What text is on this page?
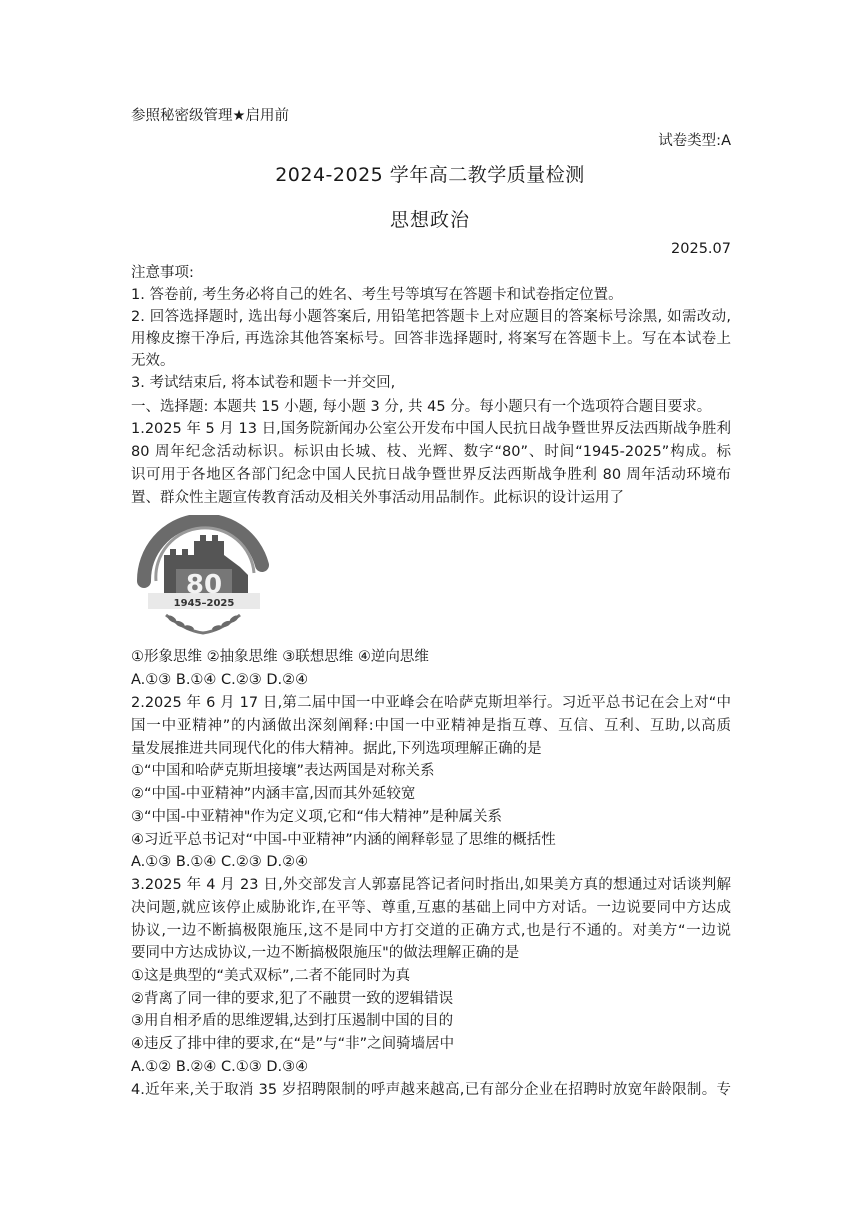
参照秘密级管理★启用前
试卷类型:A
2024-2025 学年高二教学质量检测
思想政治
2025.07
注意事项:
1. 答卷前, 考生务必将自己的姓名、考生号等填写在答题卡和试卷指定位置。
2. 回答选择题时, 选出每小题答案后, 用铅笔把答题卡上对应题目的答案标号涂黑, 如需改动,
用橡皮擦干净后, 再选涂其他答案标号。回答非选择题时, 将案写在答题卡上。写在本试卷上
无效。
3. 考试结束后, 将本试卷和题卡一并交回,
一、选择题: 本题共 15 小题, 每小题 3 分, 共 45 分。每小题只有一个选项符合题目要求。
1.2025 年 5 月 13 日,国务院新闻办公室公开发布中国人民抗日战争暨世界反法西斯战争胜利
80 周年纪念活动标识。标识由长城、枝、光辉、数字“80”、时间“1945-2025”构成。标
识可用于各地区各部门纪念中国人民抗日战争暨世界反法西斯战争胜利 80 周年活动环境布
置、群众性主题宣传教育活动及相关外事活动用品制作。此标识的设计运用了
80
1945–2025
①形象思维 ②抽象思维 ③联想思维 ④逆向思维
A.①③ B.①④ C.②③ D.②④
2.2025 年 6 月 17 日,第二届中国一中亚峰会在哈萨克斯坦举行。习近平总书记在会上对“中
国一中亚精神”的内涵做出深刻阐释:中国一中亚精神是指互尊、互信、互利、互助,以高质
量发展推进共同现代化的伟大精神。据此,下列选项理解正确的是
①“中国和哈萨克斯坦接壤”表达两国是对称关系
②“中国-中亚精神”内涵丰富,因而其外延较宽
③“中国-中亚精神"作为定义项,它和“伟大精神”是种属关系
④习近平总书记对“中国-中亚精神”内涵的阐释彰显了思维的概括性
A.①③ B.①④ C.②③ D.②④
3.2025 年 4 月 23 日,外交部发言人郭嘉昆答记者问时指出,如果美方真的想通过对话谈判解
决问题,就应该停止威胁讹诈,在平等、尊重,互惠的基础上同中方对话。一边说要同中方达成
协议,一边不断搞极限施压,这不是同中方打交道的正确方式,也是行不通的。对美方“一边说
要同中方达成协议,一边不断搞极限施压"的做法理解正确的是
①这是典型的“美式双标”,二者不能同时为真
②背离了同一律的要求,犯了不融贯一致的逻辑错误
③用自相矛盾的思维逻辑,达到打压遏制中国的目的
④违反了排中律的要求,在“是”与“非”之间骑墙居中
A.①② B.②④ C.①③ D.③④
4.近年来,关于取消 35 岁招聘限制的呼声越来越高,已有部分企业在招聘时放宽年龄限制。专
